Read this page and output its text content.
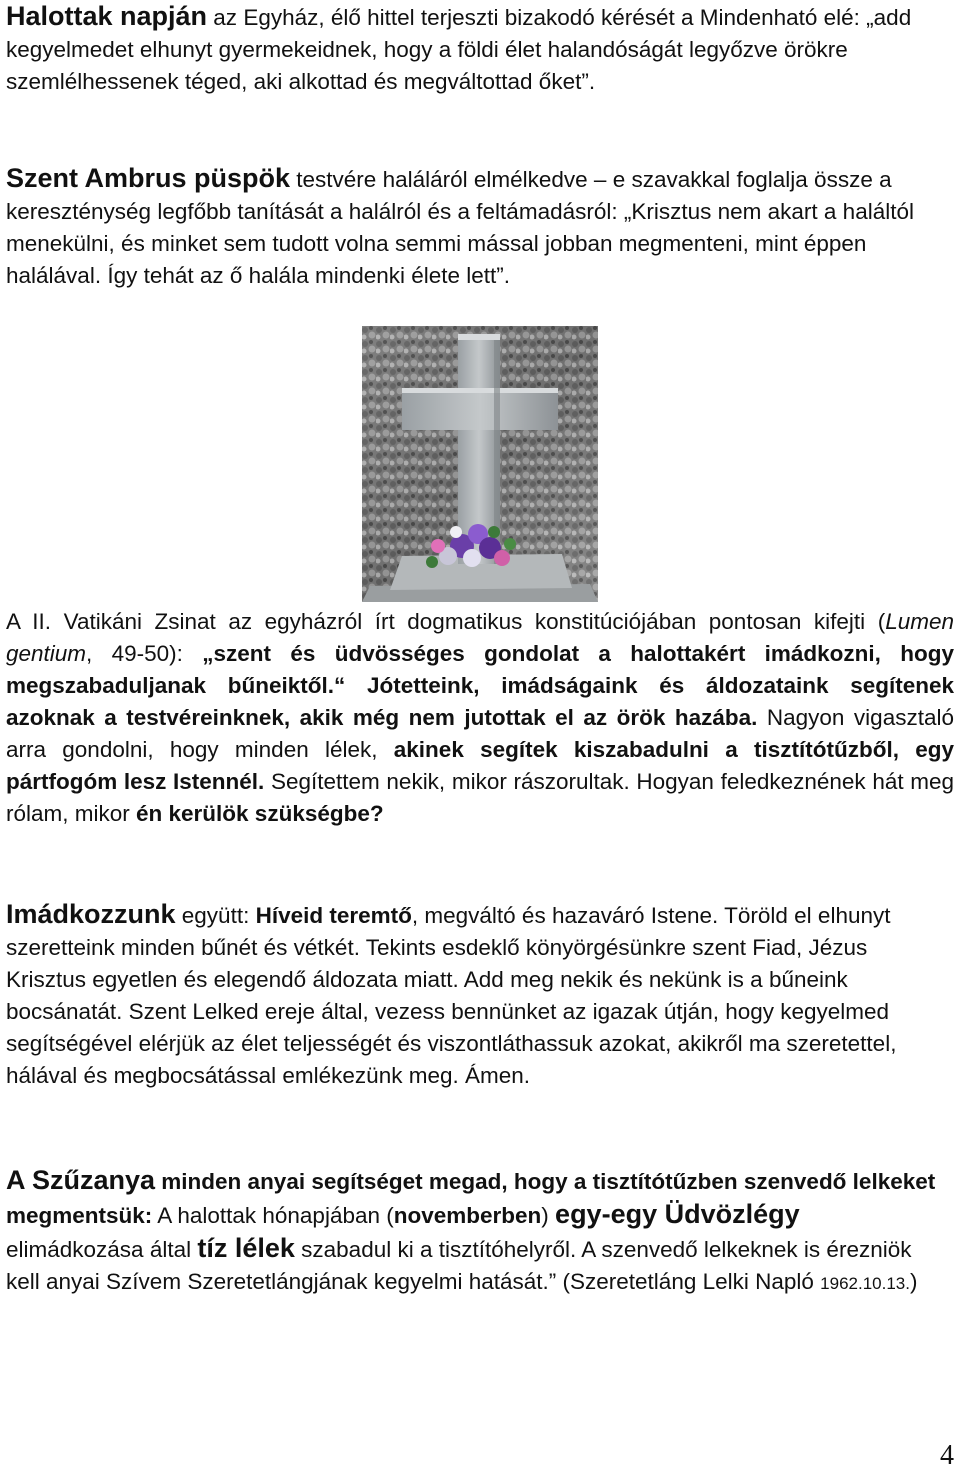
Halottak napján az Egyház, élő hittel terjeszti bizakodó kérését a Mindenható elé: „add kegyelmedet elhunyt gyermekeidnek, hogy a földi élet halandóságát legyőzve örökre szemlélhessenek téged, aki alkottad és megváltottad őket”.

Szent Ambrus püspök testvére haláláról elmélkedve – e szavakkal foglalja össze a kereszténység legfőbb tanítását a halálról és a feltámadásról: „Krisztus nem akart a haláltól menekülni, és minket sem tudott volna semmi mással jobban megmenteni, mint éppen halálával. Így tehát az ő halála mindenki élete lett”.

A II. Vatikáni Zsinat az egyházról írt dogmatikus konstitúciójában pontosan kifejti (Lumen gentium, 49-50): „szent és üdvösséges gondolat a halottakért imádkozni, hogy megszabaduljanak bűneiktől.“ Jótetteink, imádságaink és áldozataink segítenek azoknak a testvéreinknek, akik még nem jutottak el az örök hazába. Nagyon vigasztaló arra gondolni, hogy minden lélek, akinek segítek kiszabadulni a tisztítótűzből, egy pártfogóm lesz Istennél. Segítettem nekik, mikor rászorultak. Hogyan feledkeznének hát meg rólam, mikor én kerülök szükségbe?

Imádkozzunk együtt: Híveid teremtő, megváltó és hazaváró Istene. Töröld el elhunyt szeretteink minden bűnét és vétkét. Tekints esdeklő könyörgésünkre szent Fiad, Jézus Krisztus egyetlen és elegendő áldozata miatt. Add meg nekik és nekünk is a bűneink bocsánatát. Szent Lelked ereje által, vezess bennünket az igazak útján, hogy kegyelmed segítségével elérjük az élet teljességét és viszontláthassuk azokat, akikről ma szeretettel, hálával és megbocsátással emlékezünk meg. Ámen.

A Szűzanya minden anyai segítséget megad, hogy a tisztítótűzben szenvedő lelkeket megmentsük: A halottak hónapjában (novemberben) egy-egy Üdvözlégy elimádkozása által tíz lélek szabadul ki a tisztítóhelyről. A szenvedő lelkeknek is érezniök kell anyai Szívem Szeretetlángjának kegyelmi hatását.” (Szeretetláng Lelki Napló 1962.10.13.)

4
